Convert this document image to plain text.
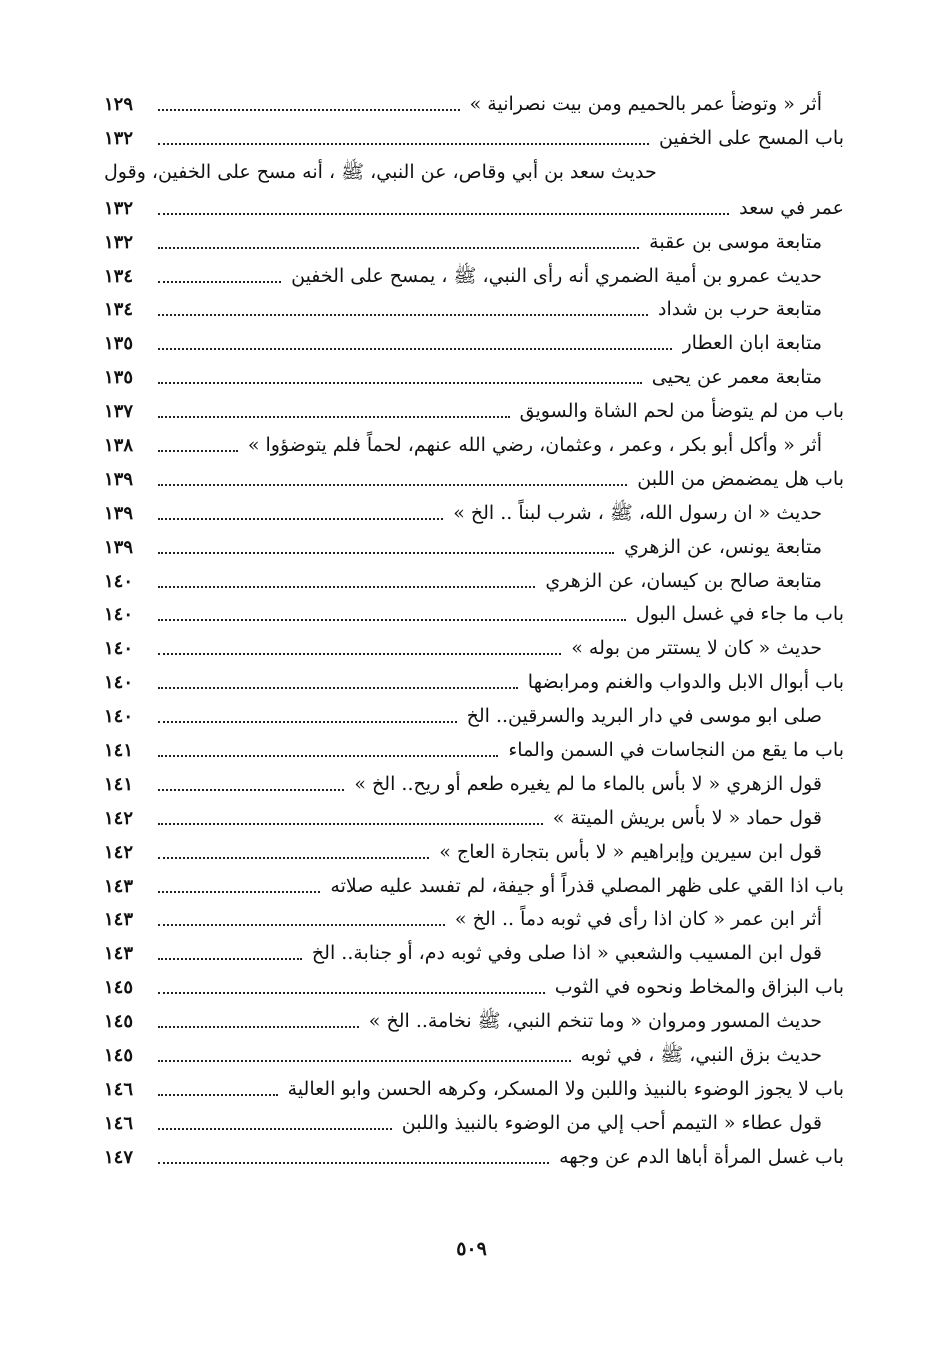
أثر « وتوضأ عمر بالحميم ومن بيت نصرانية »
١٢٩
باب المسح على الخفين
١٣٢
حديث سعد بن أبي وقاص، عن النبي، ﷺ ، أنه مسح على الخفين، وقول
عمر في سعد
١٣٢
متابعة موسى بن عقبة
١٣٢
حديث عمرو بن أمية الضمري أنه رأى النبي، ﷺ ، يمسح على الخفين
١٣٤
متابعة حرب بن شداد
١٣٤
متابعة ابان العطار
١٣٥
متابعة معمر عن يحيى
١٣٥
باب من لم يتوضأ من لحم الشاة والسويق
١٣٧
أثر « وأكل أبو بكر ، وعمر ، وعثمان، رضي الله عنهم، لحماً فلم يتوضؤوا »
١٣٨
باب هل يمضمض من اللبن
١٣٩
حديث « ان رسول الله، ﷺ ، شرب لبناً .. الخ »
١٣٩
متابعة يونس، عن الزهري
١٣٩
متابعة صالح بن كيسان، عن الزهري
١٤٠
باب ما جاء في غسل البول
١٤٠
حديث « كان لا يستتر من بوله »
١٤٠
باب أبوال الابل والدواب والغنم ومرابضها
١٤٠
صلى ابو موسى في دار البريد والسرقين.. الخ
١٤٠
باب ما يقع من النجاسات في السمن والماء
١٤١
قول الزهري « لا بأس بالماء ما لم يغيره طعم أو ريح.. الخ »
١٤١
قول حماد « لا بأس بريش الميتة »
١٤٢
قول ابن سيرين وإبراهيم « لا بأس بتجارة العاج »
١٤٢
باب اذا القي على ظهر المصلي قذراً أو جيفة، لم تفسد عليه صلاته
١٤٣
أثر ابن عمر « كان اذا رأى في ثوبه دماً .. الخ »
١٤٣
قول ابن المسيب والشعبي « اذا صلى وفي ثوبه دم، أو جنابة.. الخ
١٤٣
باب البزاق والمخاط ونحوه في الثوب
١٤٥
حديث المسور ومروان « وما تنخم النبي، ﷺ نخامة.. الخ »
١٤٥
حديث بزق النبي، ﷺ ، في ثوبه
١٤٥
باب لا يجوز الوضوء بالنبيذ واللبن ولا المسكر، وكرهه الحسن وابو العالية
١٤٦
قول عطاء « التيمم أحب إلي من الوضوء بالنبيذ واللبن
١٤٦
باب غسل المرأة أباها الدم عن وجهه
١٤٧
٥٠٩
